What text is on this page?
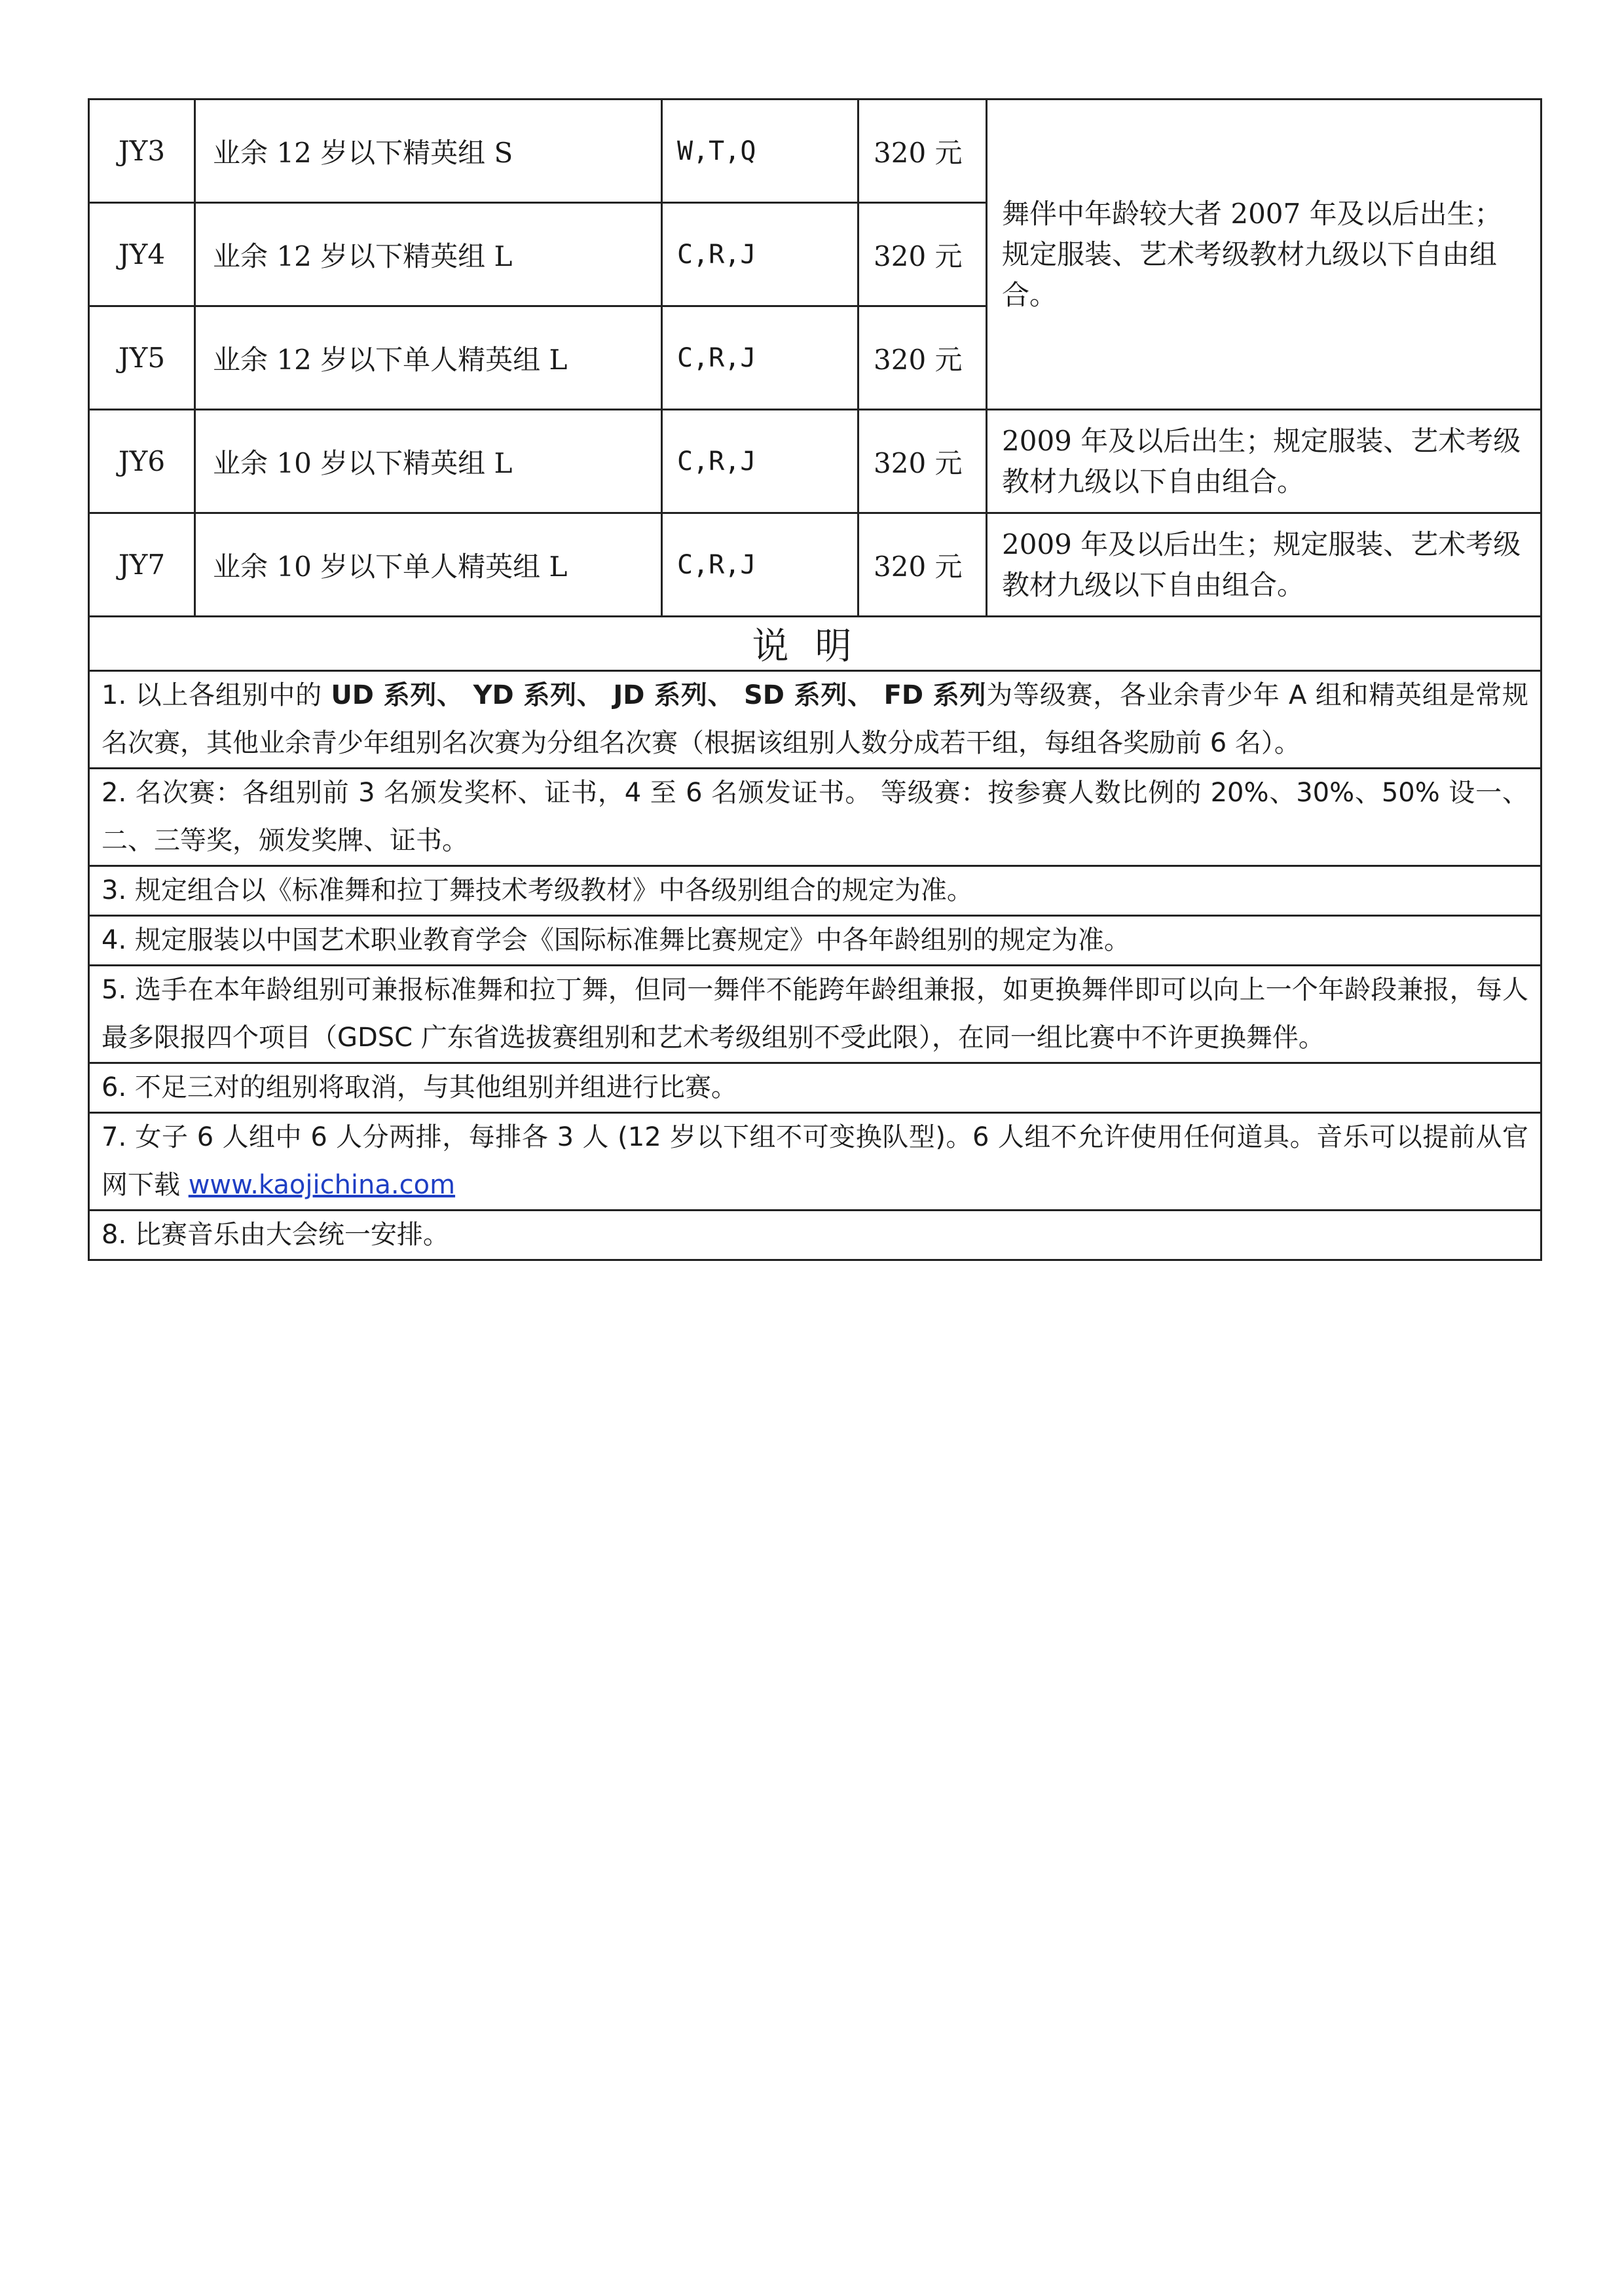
JY3	业余 12 岁以下精英组 S	W,T,Q	320 元	舞伴中年龄较大者 2007 年及以后出生；规定服装、艺术考级教材九级以下自由组合。
JY4	业余 12 岁以下精英组 L	C,R,J	320 元	
JY5	业余 12 岁以下单人精英组 L	C,R,J	320 元	
JY6	业余 10 岁以下精英组 L	C,R,J	320 元	2009 年及以后出生；规定服装、艺术考级教材九级以下自由组合。
JY7	业余 10 岁以下单人精英组 L	C,R,J	320 元	2009 年及以后出生；规定服装、艺术考级教材九级以下自由组合。
说明				
1. 以上各组别中的 UD 系列、 YD 系列、 JD 系列、 SD 系列、 FD 系列为等级赛，各业余青少年 A 组和精英组是常规名次赛，其他业余青少年组别名次赛为分组名次赛（根据该组别人数分成若干组，每组各奖励前 6 名）。				
2. 名次赛：各组别前 3 名颁发奖杯、证书，4 至 6 名颁发证书。 等级赛：按参赛人数比例的 20%、30%、50% 设一、二、三等奖，颁发奖牌、证书。				
3. 规定组合以《标准舞和拉丁舞技术考级教材》中各级别组合的规定为准。				
4. 规定服装以中国艺术职业教育学会《国际标准舞比赛规定》中各年龄组别的规定为准。				
5. 选手在本年龄组别可兼报标准舞和拉丁舞，但同一舞伴不能跨年龄组兼报，如更换舞伴即可以向上一个年龄段兼报，每人最多限报四个项目（GDSC 广东省选拔赛组别和艺术考级组别不受此限），在同一组比赛中不许更换舞伴。				
6. 不足三对的组别将取消，与其他组别并组进行比赛。				
7. 女子 6 人组中 6 人分两排，每排各 3 人 (12 岁以下组不可变换队型)。6 人组不允许使用任何道具。音乐可以提前从官网下载 www.kaojichina.com				
8. 比赛音乐由大会统一安排。				
